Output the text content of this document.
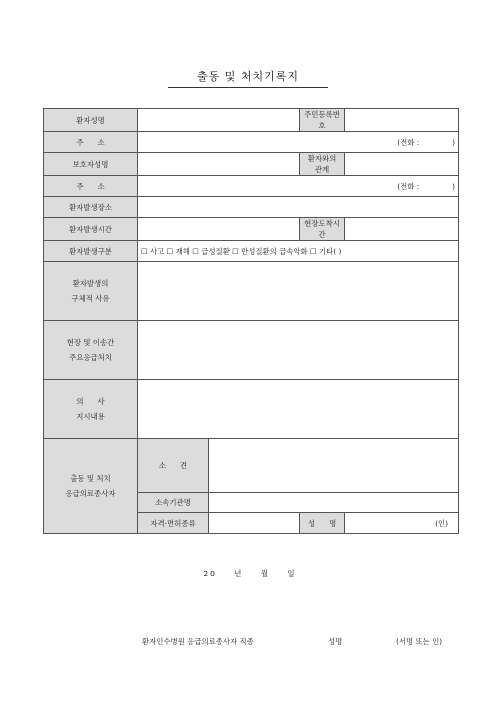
출동 및 처치기록지
환자성명			주민등록번호	
주      소	(전화 :              )			
보호자성명			환자와의 관계	
주      소	(전화 :              )			
환자발생장소				
환자발생시간			현장도착시간	
환자발생구분	☐ 사고 ☐ 재해 ☐ 급성질환 ☐ 만성질환의 급속악화 ☐ 기타( )			

환자발생의
구체적 사유				

현장 및 이송간
주요응급처치				

의      사
지시내용				

출동 및 처치
응급의료종사자	소      견			
	소속기관명			
	자격·면허종류		성      명	(인)
20    년    월    일
환자인수병원 응급의료종사자 직종	성명	(서명 또는 인)
